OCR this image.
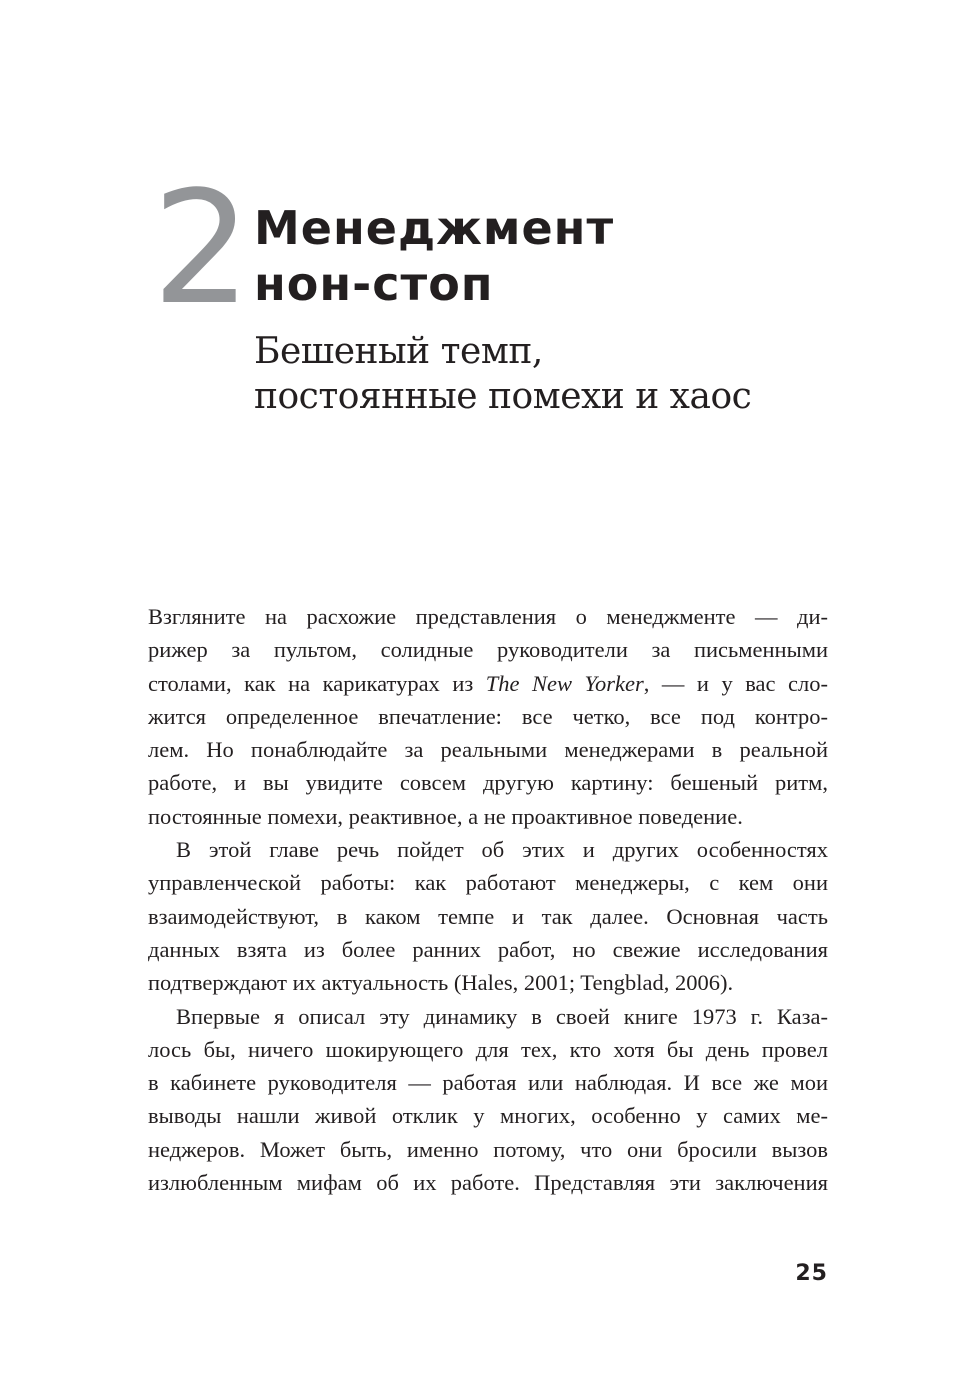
2 Менеджмент
нон-стоп
Бешеный темп,
постоянные помехи и хаос
Взгляните на расхожие представления о менеджменте — ди-
рижер за пультом, солидные руководители за письменными
столами, как на карикатурах из The New Yorker, — и у вас сло-
жится определенное впечатление: все четко, все под контро-
лем. Но понаблюдайте за реальными менеджерами в реальной
работе, и вы увидите совсем другую картину: бешеный ритм,
постоянные помехи, реактивное, а не проактивное поведение.
В этой главе речь пойдет об этих и других особенностях
управленческой работы: как работают менеджеры, с кем они
взаимодействуют, в каком темпе и так далее. Основная часть
данных взята из более ранних работ, но свежие исследования
подтверждают их актуальность (Hales, 2001; Tengblad, 2006).
Впервые я описал эту динамику в своей книге 1973 г. Каза-
лось бы, ничего шокирующего для тех, кто хотя бы день провел
в кабинете руководителя — работая или наблюдая. И все же мои
выводы нашли живой отклик у многих, особенно у самих ме-
неджеров. Может быть, именно потому, что они бросили вызов
излюбленным мифам об их работе. Представляя эти заключения
25
